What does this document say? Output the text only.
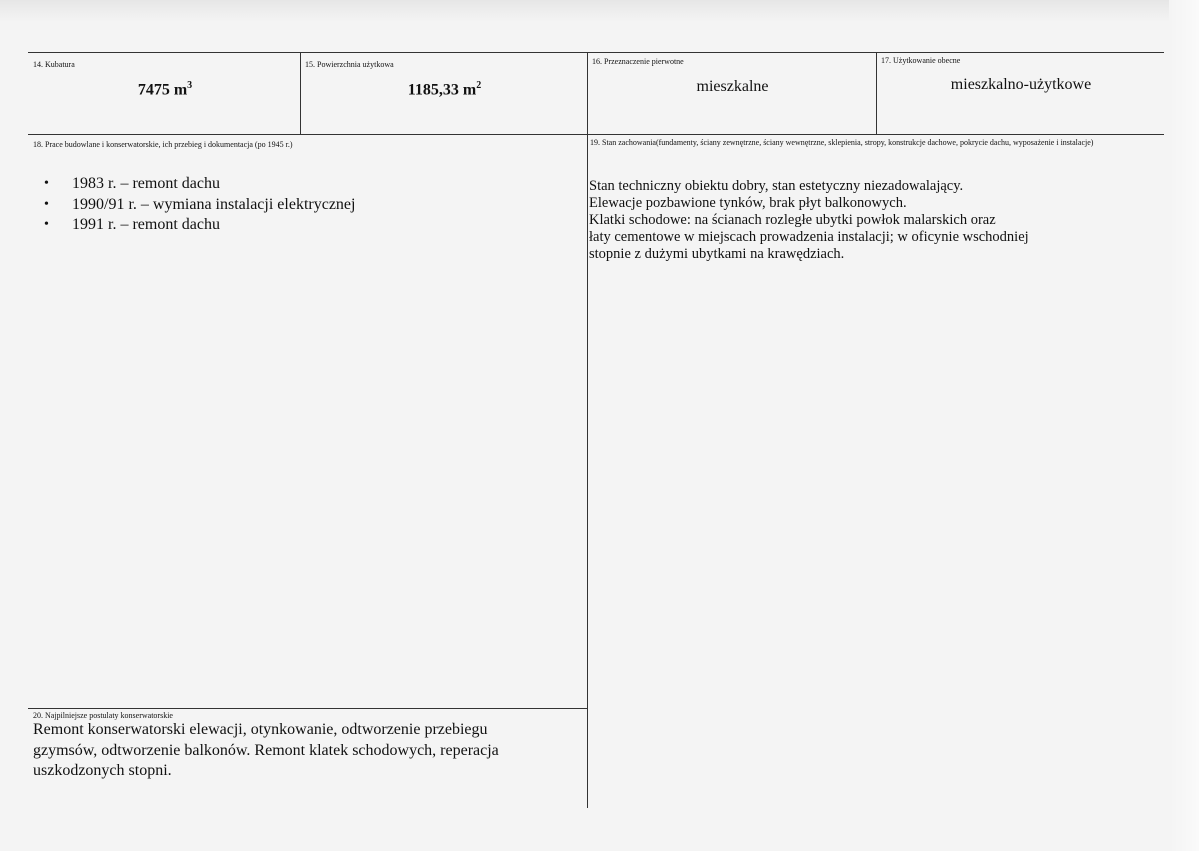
14. Kubatura
7475 $m^3$
15. Powierzchnia użytkowa
1185,33 $m^2$
16. Przeznaczenie pierwotne
mieszkalne
17. Użytkowanie obecne
mieszkalno-użytkowe
18. Prace budowlane i konserwatorskie, ich przebieg i dokumentacja (po 1945 r.)
• 1983 r. – remont dachu
• 1990/91 r. – wymiana instalacji elektrycznej
• 1991 r. – remont dachu
19. Stan zachowania(fundamenty, ściany zewnętrzne, ściany wewnętrzne, sklepienia, stropy, konstrukcje dachowe, pokrycie dachu, wyposażenie i instalacje)
Stan techniczny obiektu dobry, stan estetyczny niezadowalający.
Elewacje pozbawione tynków, brak płyt balkonowych.
Klatki schodowe: na ścianach rozległe ubytki powłok malarskich oraz
łaty cementowe w miejscach prowadzenia instalacji; w oficynie wschodniej
stopnie z dużymi ubytkami na krawędziach.
20. Najpilniejsze postulaty konserwatorskie
Remont konserwatorski elewacji, otynkowanie, odtworzenie przebiegu
gzymsów, odtworzenie balkonów. Remont klatek schodowych, reperacja
uszkodzonych stopni.
